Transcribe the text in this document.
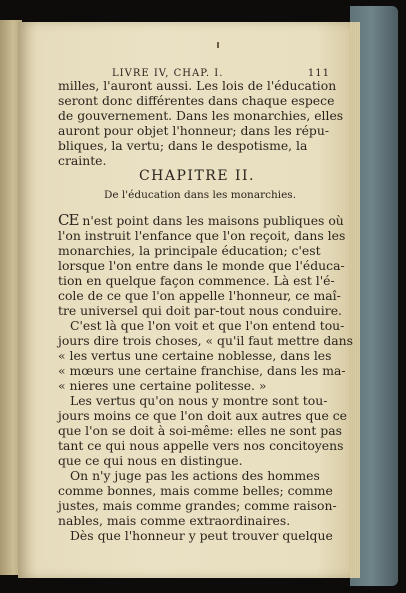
LIVRE IV, CHAP. I.	111
milles, l'auront aussi. Les lois de l'éducation
seront donc différentes dans chaque espece
de gouvernement. Dans les monarchies, elles
auront pour objet l'honneur; dans les répu-
bliques, la vertu; dans le despotisme, la
crainte.
CHAPITRE II.
De l'éducation dans les monarchies.
CE n'est point dans les maisons publiques où
l'on instruit l'enfance que l'on reçoit, dans les
monarchies, la principale éducation; c'est
lorsque l'on entre dans le monde que l'éduca-
tion en quelque façon commence. Là est l'é-
cole de ce que l'on appelle l'honneur, ce maî-
tre universel qui doit par-tout nous conduire.
C'est là que l'on voit et que l'on entend tou-
jours dire trois choses, « qu'il faut mettre dans
« les vertus une certaine noblesse, dans les
« mœurs une certaine franchise, dans les ma-
« nieres une certaine politesse. »
Les vertus qu'on nous y montre sont tou-
jours moins ce que l'on doit aux autres que ce
que l'on se doit à soi-même: elles ne sont pas
tant ce qui nous appelle vers nos concitoyens
que ce qui nous en distingue.
On n'y juge pas les actions des hommes
comme bonnes, mais comme belles; comme
justes, mais comme grandes; comme raison-
nables, mais comme extraordinaires.
Dès que l'honneur y peut trouver quelque
